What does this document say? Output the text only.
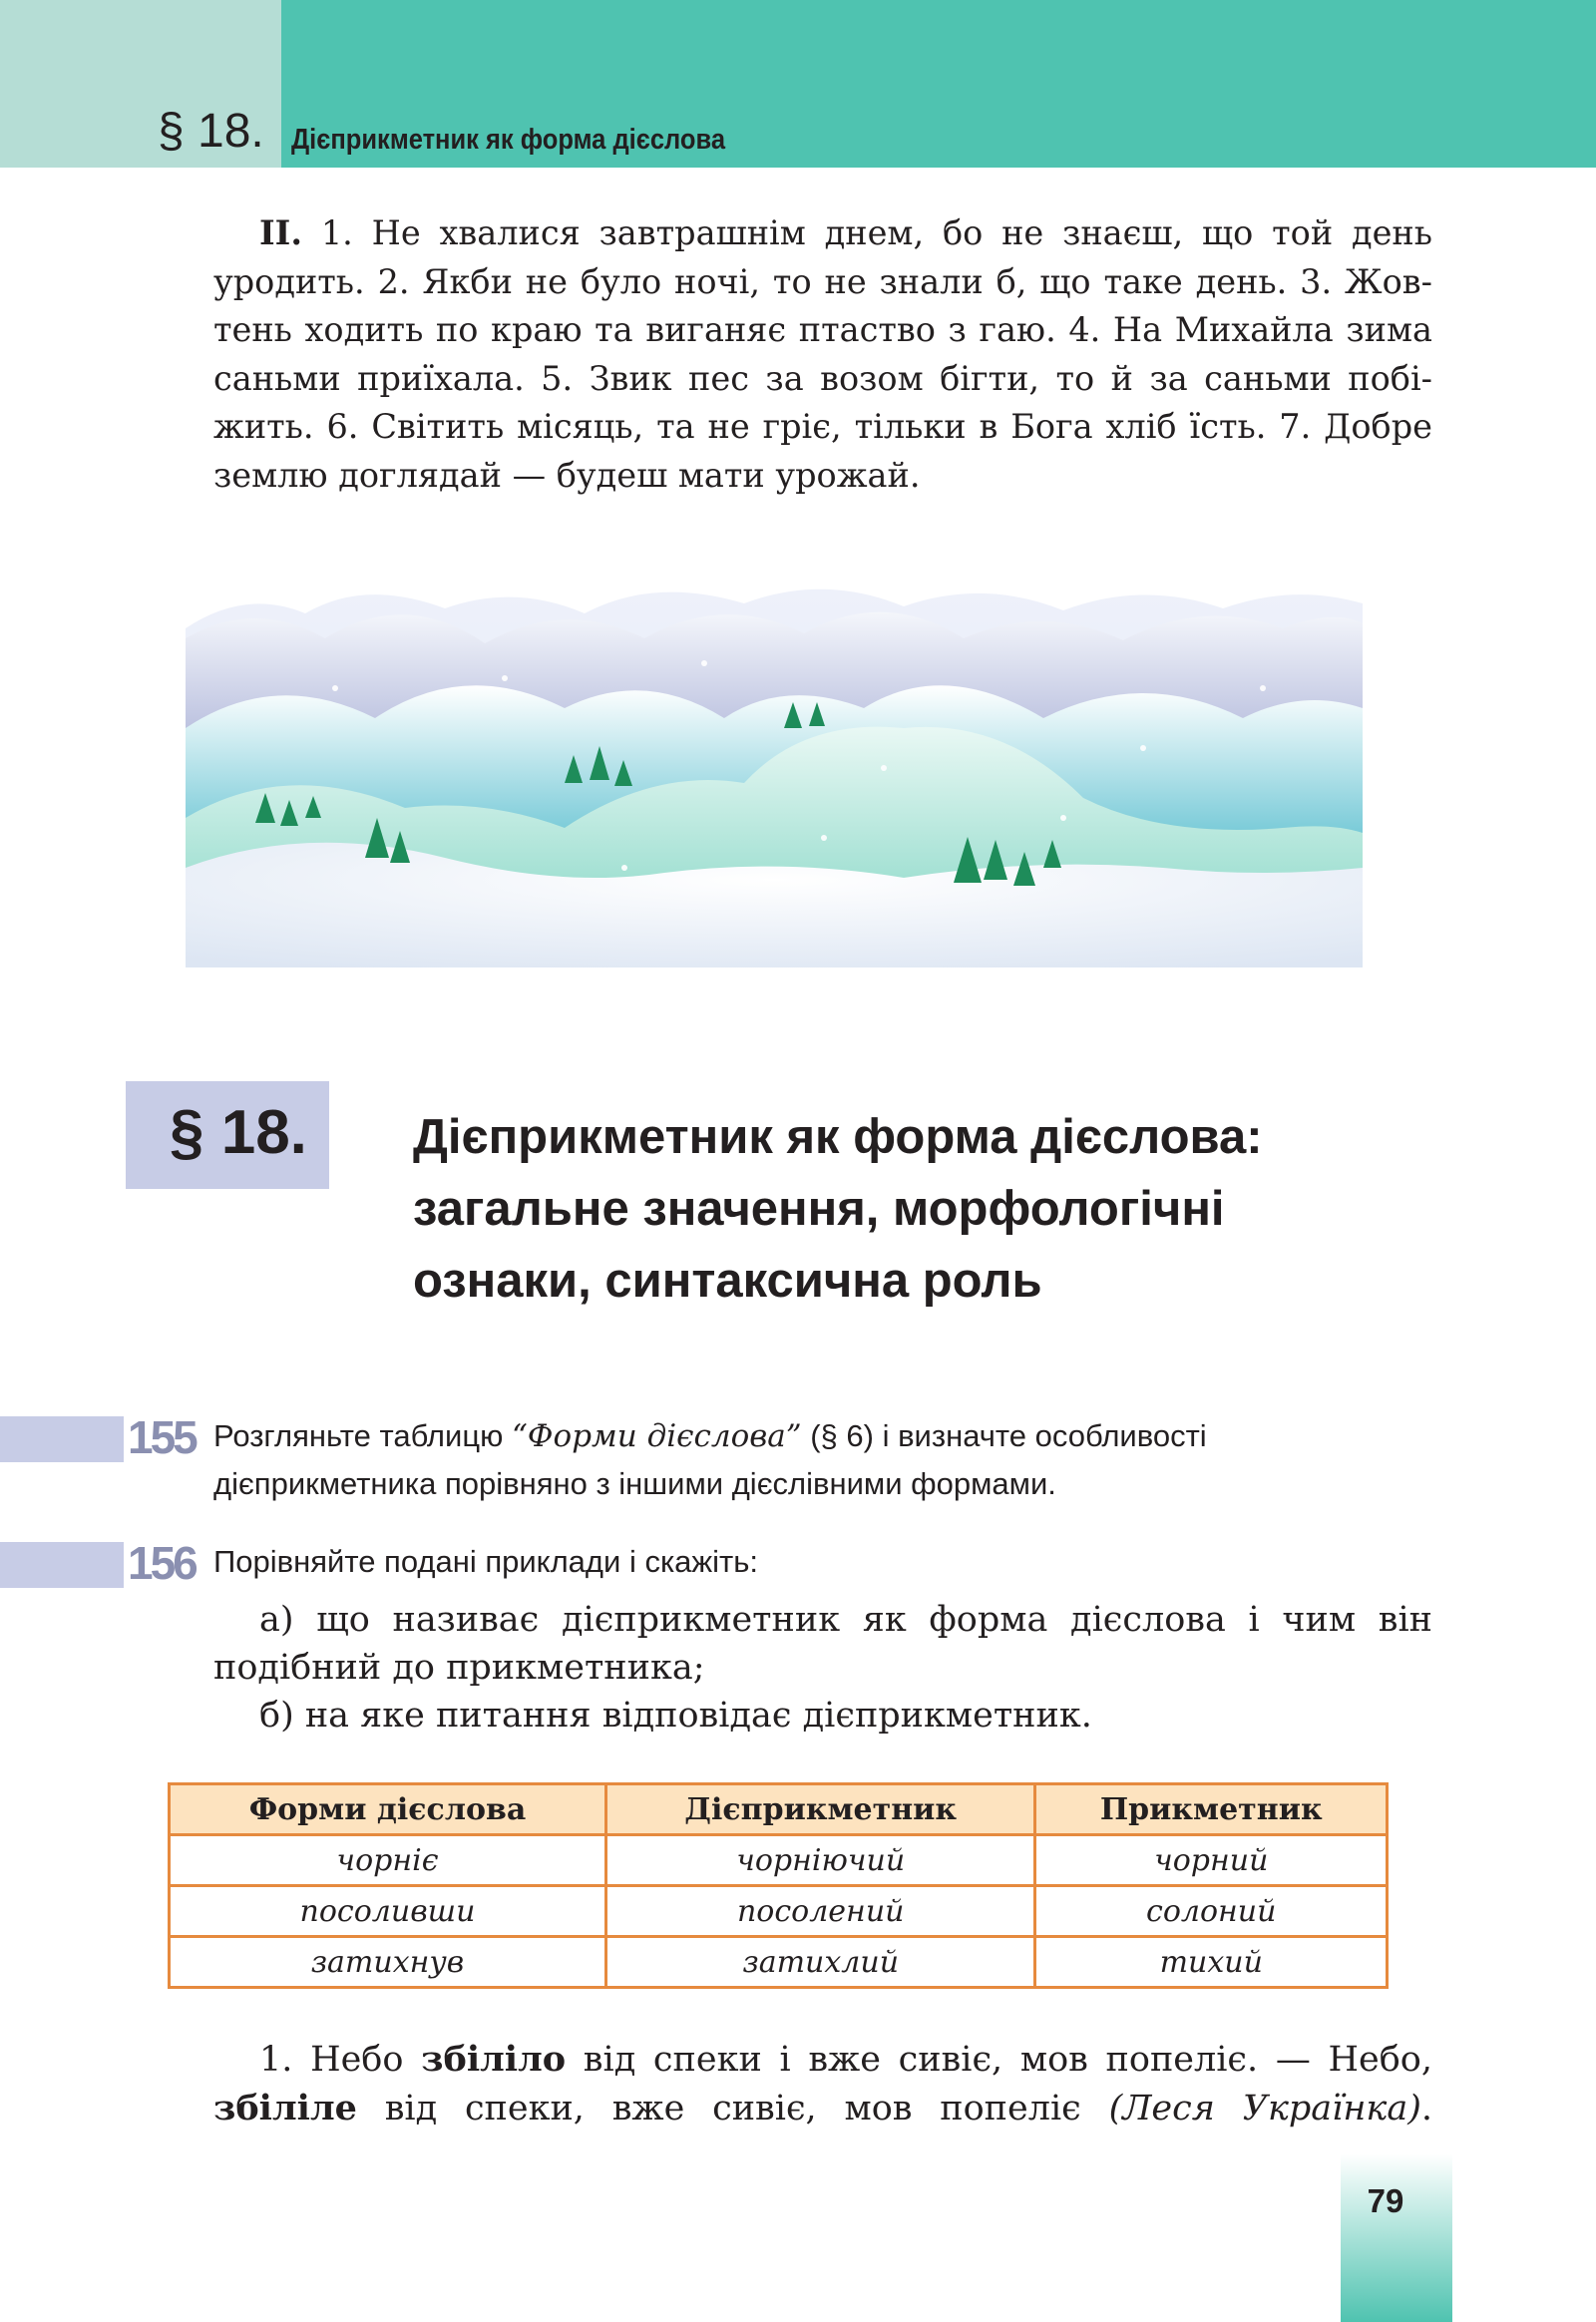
§ 18. Дієприкметник як форма дієслова
ІІ. 1. Не хвалися завтрашнім днем, бо не знаєш, що той день
уродить. 2. Якби не було ночі, то не знали б, що таке день. 3. Жов-
тень ходить по краю та виганяє птаство з гаю. 4. На Михайла зима
саньми приїхала. 5. Звик пес за возом бігти, то й за саньми побі-
жить. 6. Світить місяць, та не гріє, тільки в Бога хліб їсть. 7. Добре
землю доглядай — будеш мати урожай.
§ 18. Дієприкметник як форма дієслова:
загальне значення, морфологічні
ознаки, синтаксична роль
155 Розгляньте таблицю “Форми дієслова” (§ 6) і визначте особливості
дієприкметника порівняно з іншими дієслівними формами.
156 Порівняйте подані приклади і скажіть:
а) що називає дієприкметник як форма дієслова і чим він
подібний до прикметника;
б) на яке питання відповідає дієприкметник.
Форми дієслова	Дієприкметник	Прикметник
чорніє	чорніючий	чорний
посоливши	посолений	солоний
затихнув	затихлий	тихий
1. Небо збіліло від спеки і вже сивіє, мов попеліє. — Небо,
збіліле від спеки, вже сивіє, мов попеліє (Леся Українка).
79
